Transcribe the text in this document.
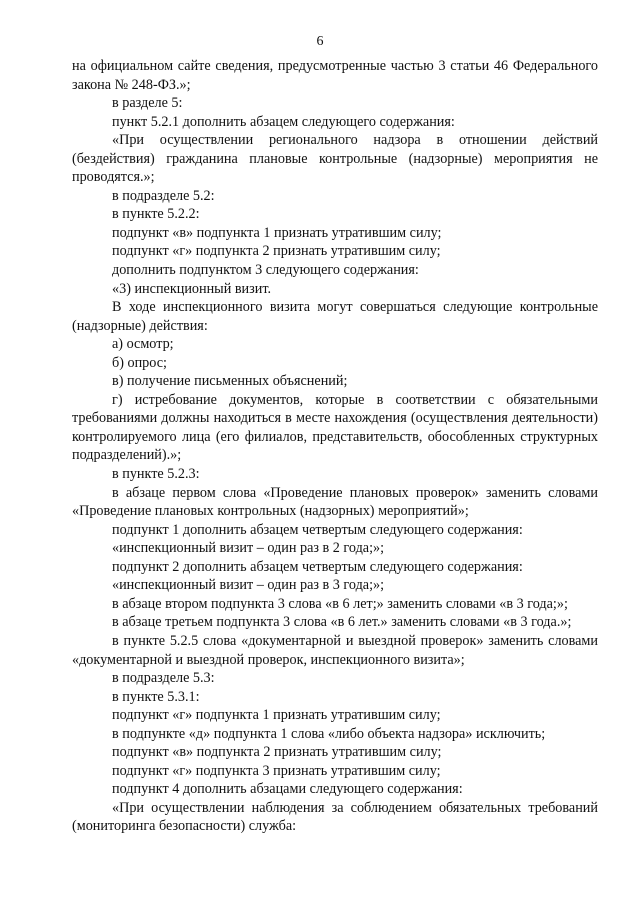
6

на официальном сайте сведения, предусмотренные частью 3 статьи 46 Федерального закона № 248-ФЗ.»;

в разделе 5:

пункт 5.2.1 дополнить абзацем следующего содержания:

«При осуществлении регионального надзора в отношении действий (бездействия) гражданина плановые контрольные (надзорные) мероприятия не проводятся.»;

в подразделе 5.2:

в пункте 5.2.2:

подпункт «в» подпункта 1 признать утратившим силу;

подпункт «г» подпункта 2 признать утратившим силу;

дополнить подпунктом 3 следующего содержания:

«3) инспекционный визит.

В ходе инспекционного визита могут совершаться следующие контрольные (надзорные) действия:

а) осмотр;

б) опрос;

в) получение письменных объяснений;

г) истребование документов, которые в соответствии с обязательными требованиями должны находиться в месте нахождения (осуществления деятельности) контролируемого лица (его филиалов, представительств, обособленных структурных подразделений).»;

в пункте 5.2.3:

в абзаце первом слова «Проведение плановых проверок» заменить словами «Проведение плановых контрольных (надзорных) мероприятий»;

подпункт 1 дополнить абзацем четвертым следующего содержания:

«инспекционный визит – один раз в 2 года;»;

подпункт 2 дополнить абзацем четвертым следующего содержания:

«инспекционный визит – один раз в 3 года;»;

в абзаце втором подпункта 3 слова «в 6 лет;» заменить словами «в 3 года;»;

в абзаце третьем подпункта 3 слова «в 6 лет.» заменить словами «в 3 года.»;

в пункте 5.2.5 слова «документарной и выездной проверок» заменить словами «документарной и выездной проверок, инспекционного визита»;

в подразделе 5.3:

в пункте 5.3.1:

подпункт «г» подпункта 1 признать утратившим силу;

в подпункте «д» подпункта 1 слова «либо объекта надзора» исключить;

подпункт «в» подпункта 2 признать утратившим силу;

подпункт «г» подпункта 3 признать утратившим силу;

подпункт 4 дополнить абзацами следующего содержания:

«При осуществлении наблюдения за соблюдением обязательных требований (мониторинга безопасности) служба:
